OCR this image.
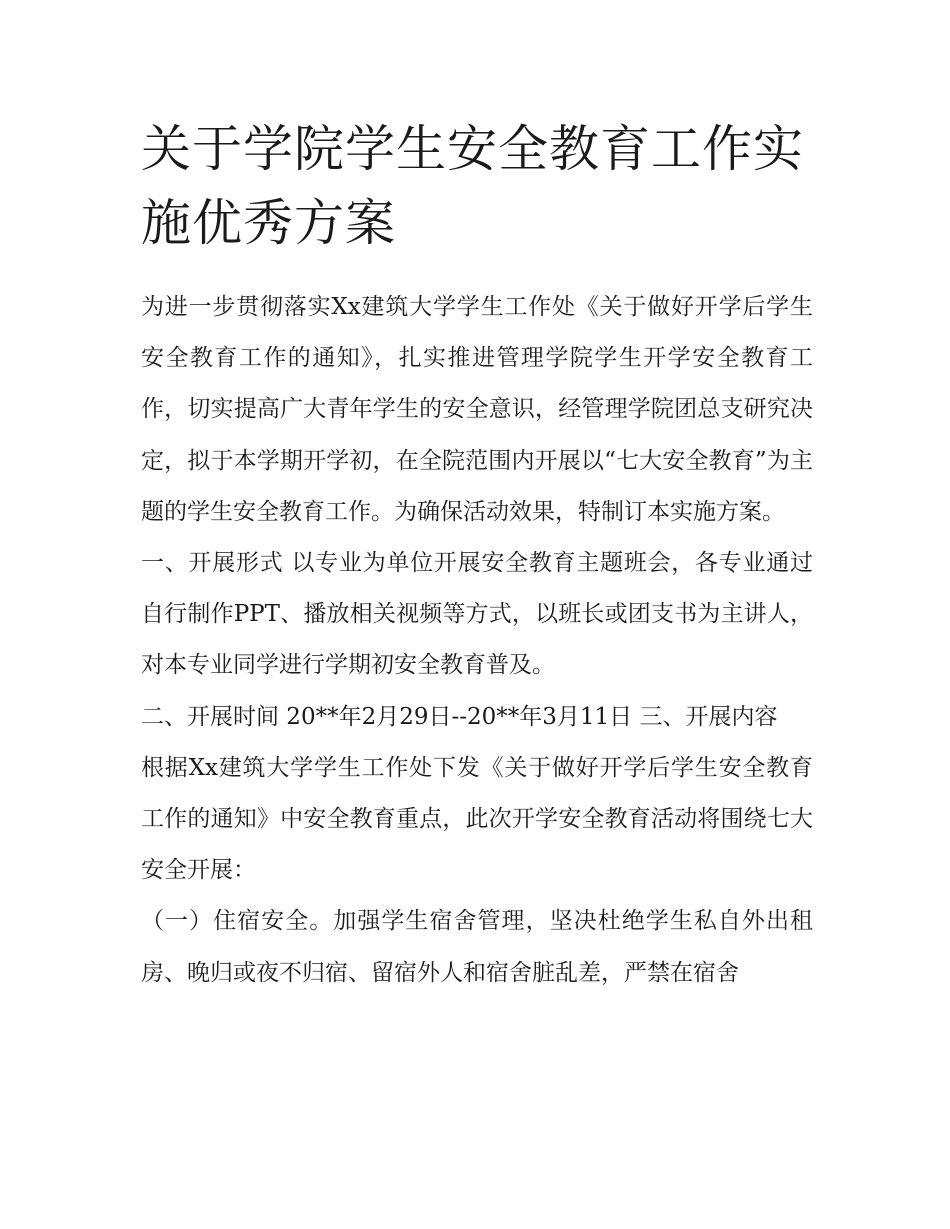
关于学院学生安全教育工作实施优秀方案

为进一步贯彻落实Xx建筑大学学生工作处《关于做好开学后学生安全教育工作的通知》，扎实推进管理学院学生开学安全教育工作，切实提高广大青年学生的安全意识，经管理学院团总支研究决定，拟于本学期开学初，在全院范围内开展以“七大安全教育”为主题的学生安全教育工作。为确保活动效果，特制订本实施方案。

一、开展形式 以专业为单位开展安全教育主题班会，各专业通过自行制作PPT、播放相关视频等方式，以班长或团支书为主讲人，对本专业同学进行学期初安全教育普及。

二、开展时间 20**年2月29日--20**年3月11日 三、开展内容

根据Xx建筑大学学生工作处下发《关于做好开学后学生安全教育工作的通知》中安全教育重点，此次开学安全教育活动将围绕七大安全开展：

（一）住宿安全。加强学生宿舍管理，坚决杜绝学生私自外出租房、晚归或夜不归宿、留宿外人和宿舍脏乱差，严禁在宿舍
